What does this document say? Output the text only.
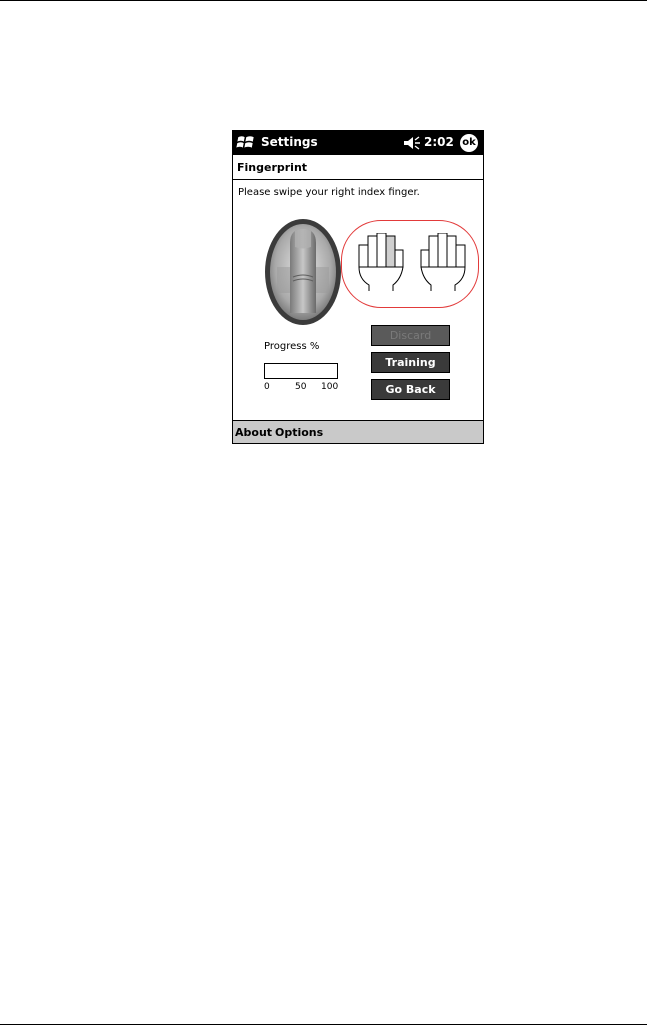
Settings	2:02 ok
Fingerprint
Please swipe your right index finger.
Progress %
0	50 100
Discard
Training
Go Back
About Options
